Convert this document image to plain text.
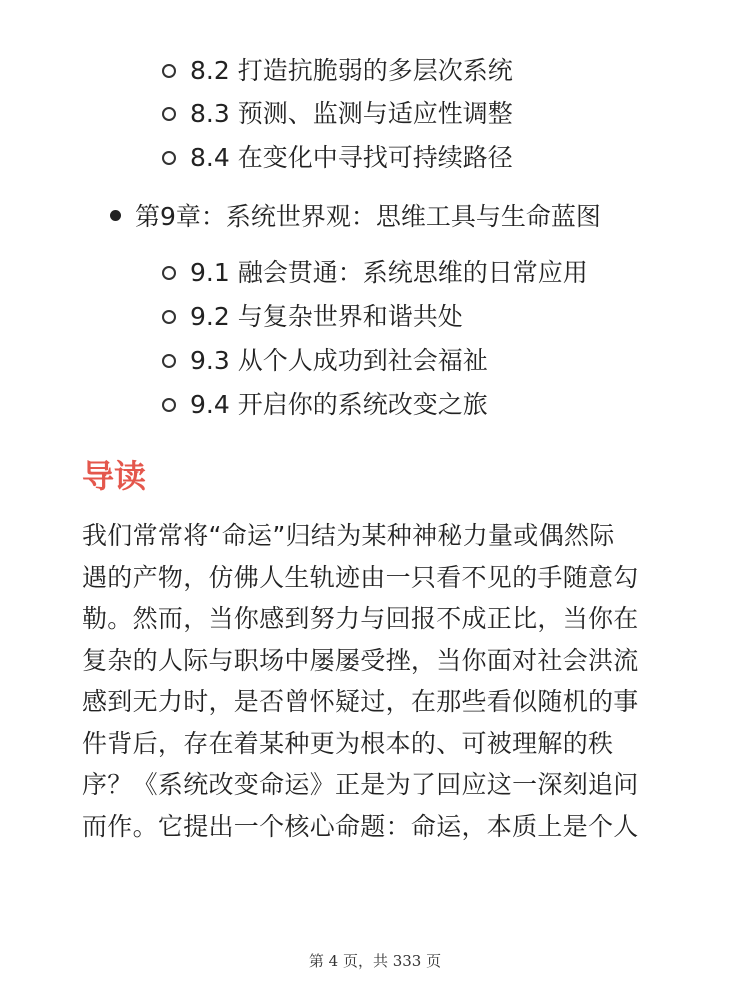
8.2 打造抗脆弱的多层次系统
8.3 预测、监测与适应性调整
8.4 在变化中寻找可持续路径
第9章：系统世界观：思维工具与生命蓝图
9.1 融会贯通：系统思维的日常应用
9.2 与复杂世界和谐共处
9.3 从个人成功到社会福祉
9.4 开启你的系统改变之旅
导读

我们常常将“命运”归结为某种神秘力量或偶然际
遇的产物，仿佛人生轨迹由一只看不见的手随意勾
勒。然而，当你感到努力与回报不成正比，当你在
复杂的人际与职场中屡屡受挫，当你面对社会洪流
感到无力时，是否曾怀疑过，在那些看似随机的事
件背后，存在着某种更为根本的、可被理解的秩
序？《系统改变命运》正是为了回应这一深刻追问
而作。它提出一个核心命题：命运，本质上是个人

第 4 页，共 333 页
